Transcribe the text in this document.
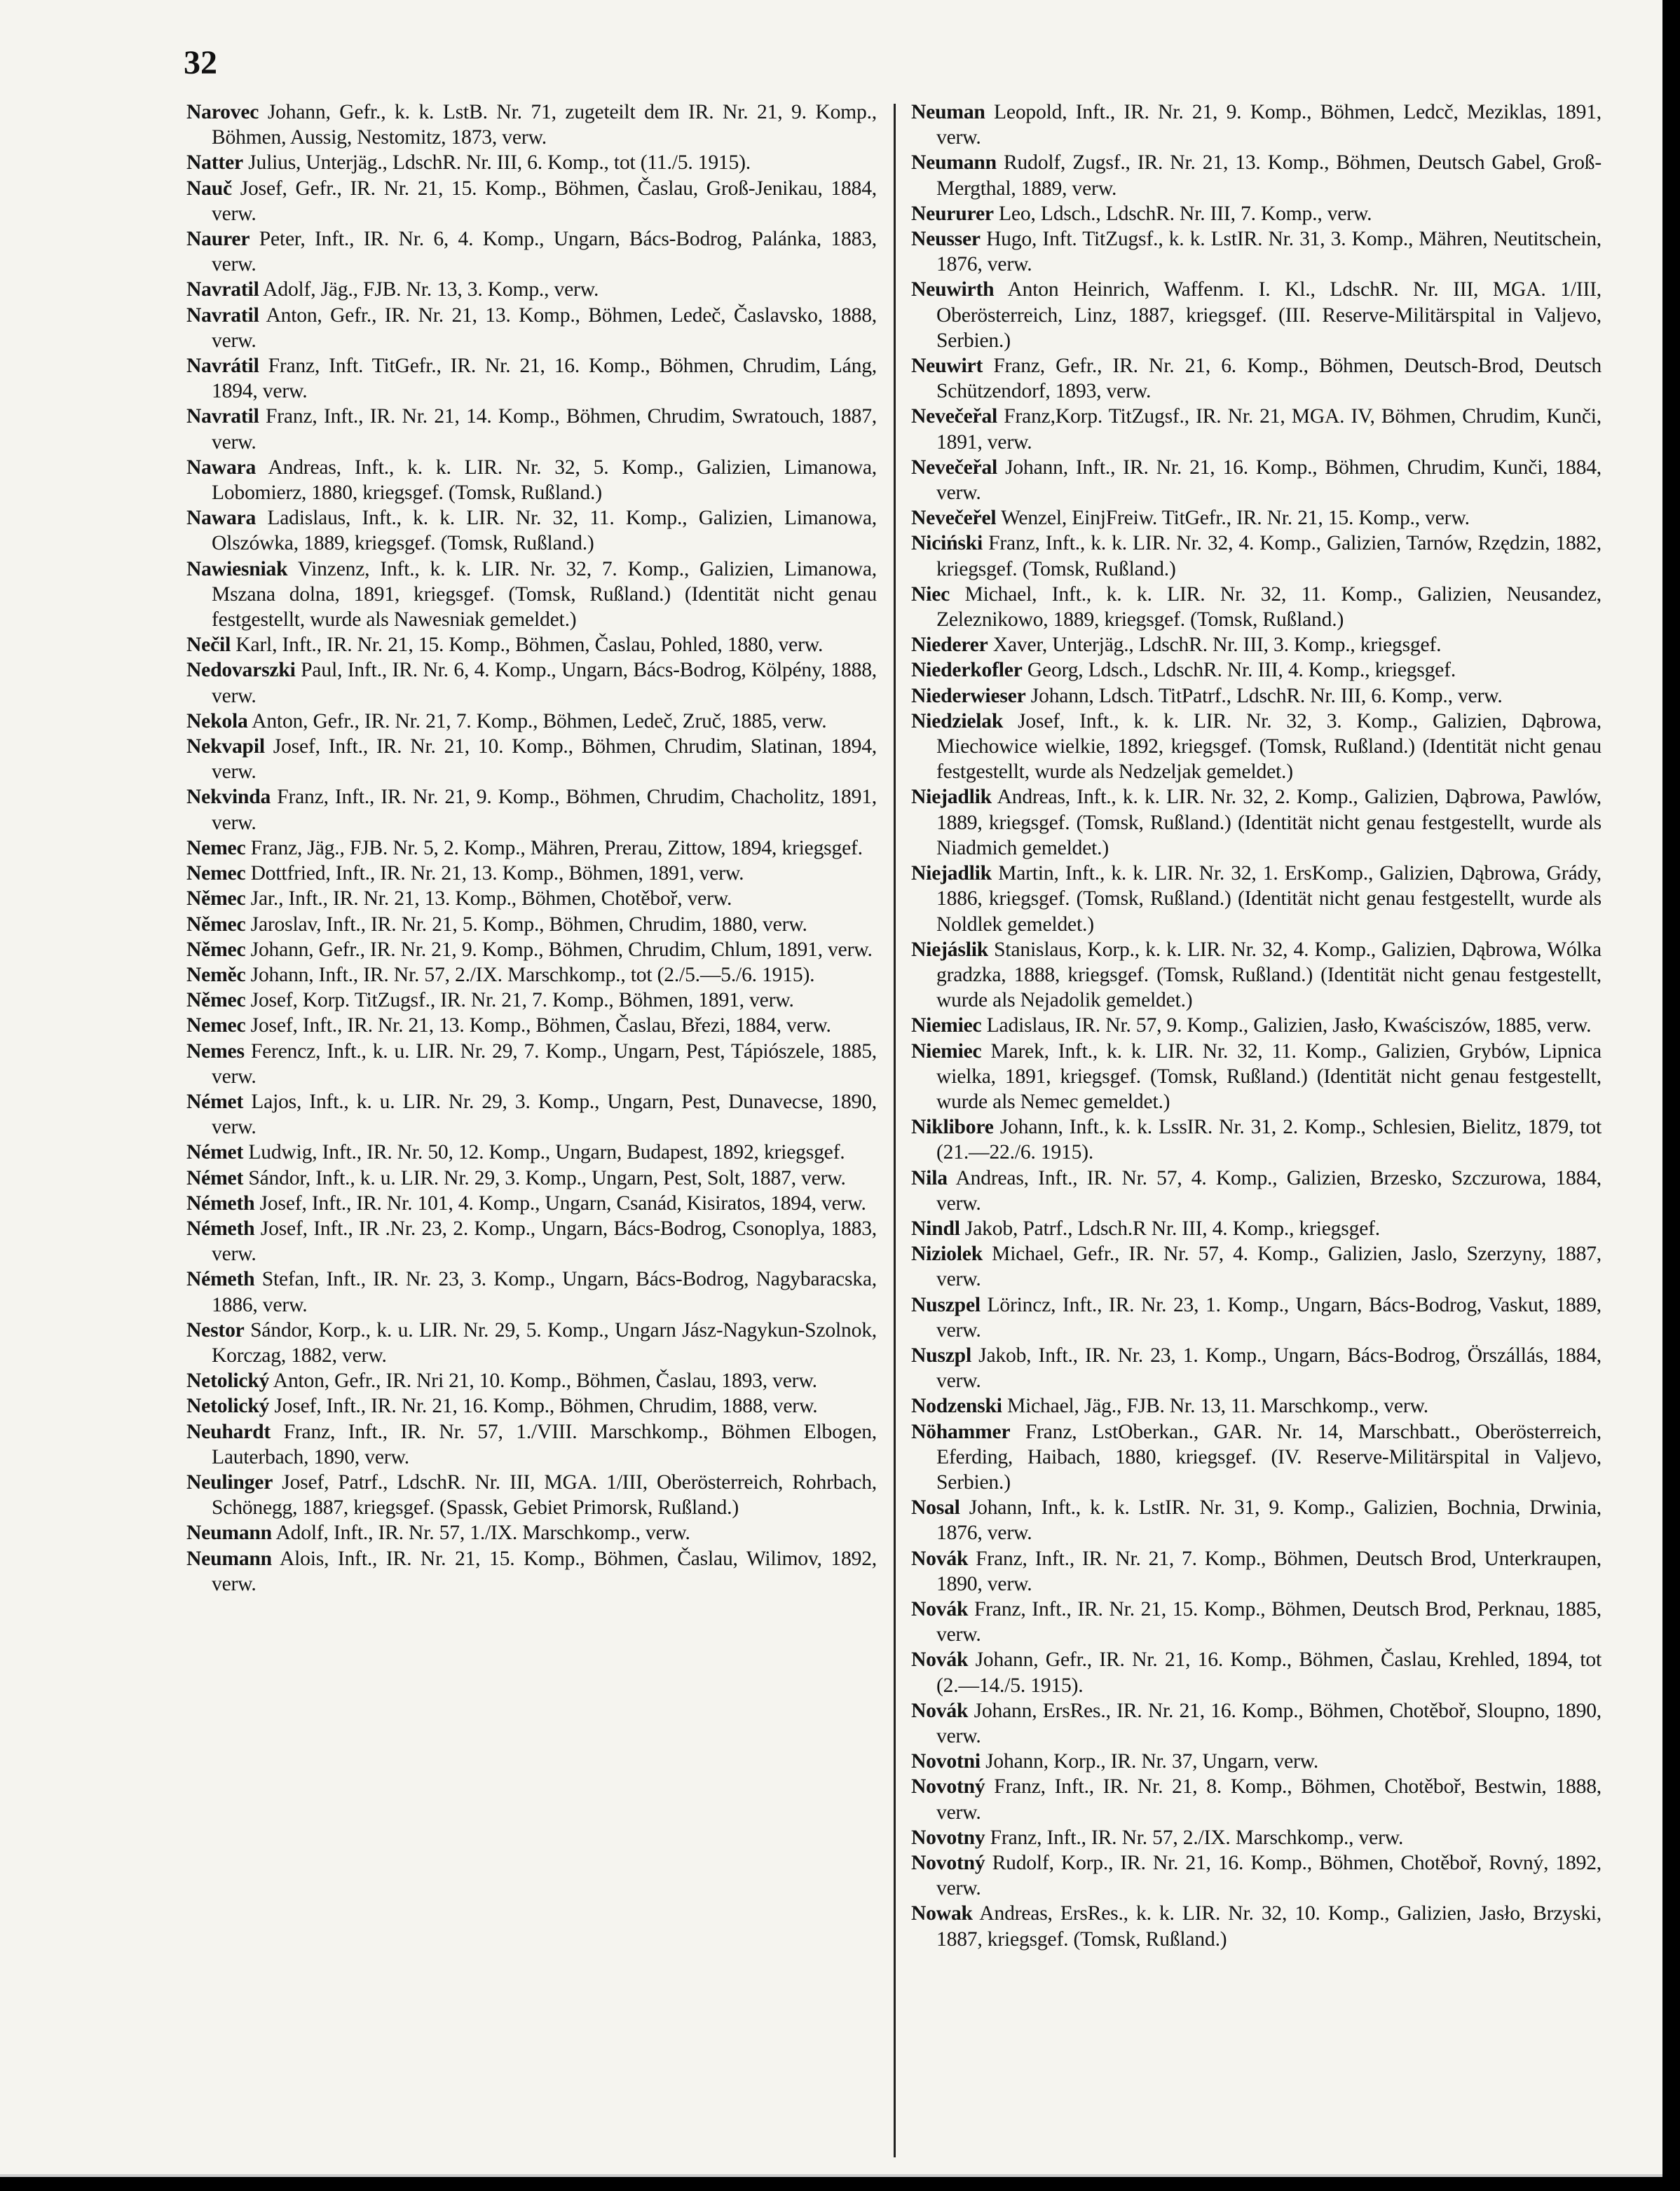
32
Narovec Johann, Gefr., k. k. LstB. Nr. 71, zugeteilt dem IR. Nr. 21, 9. Komp., Böhmen, Aussig, Nestomitz, 1873, verw.
Natter Julius, Unterjäg., LdschR. Nr. III, 6. Komp., tot (11./5. 1915).
Nauč Josef, Gefr., IR. Nr. 21, 15. Komp., Böhmen, Časlau, Groß-Jenikau, 1884, verw.
Naurer Peter, Inft., IR. Nr. 6, 4. Komp., Ungarn, Bács-Bodrog, Palánka, 1883, verw.
Navratil Adolf, Jäg., FJB. Nr. 13, 3. Komp., verw.
Navratil Anton, Gefr., IR. Nr. 21, 13. Komp., Böhmen, Ledeč, Časlavsko, 1888, verw.
Navrátil Franz, Inft. TitGefr., IR. Nr. 21, 16. Komp., Böhmen, Chrudim, Láng, 1894, verw.
Navratil Franz, Inft., IR. Nr. 21, 14. Komp., Böhmen, Chrudim, Swratouch, 1887, verw.
Nawara Andreas, Inft., k. k. LIR. Nr. 32, 5. Komp., Galizien, Limanowa, Lobomierz, 1880, kriegsgef. (Tomsk, Rußland.)
Nawara Ladislaus, Inft., k. k. LIR. Nr. 32, 11. Komp., Galizien, Limanowa, Olszówka, 1889, kriegsgef. (Tomsk, Rußland.)
Nawiesniak Vinzenz, Inft., k. k. LIR. Nr. 32, 7. Komp., Galizien, Limanowa, Mszana dolna, 1891, kriegsgef. (Tomsk, Rußland.) (Identität nicht genau festgestellt, wurde als Nawesniak gemeldet.)
Nečil Karl, Inft., IR. Nr. 21, 15. Komp., Böhmen, Časlau, Pohled, 1880, verw.
Nedovarszki Paul, Inft., IR. Nr. 6, 4. Komp., Ungarn, Bács-Bodrog, Kölpény, 1888, verw.
Nekola Anton, Gefr., IR. Nr. 21, 7. Komp., Böhmen, Ledeč, Zruč, 1885, verw.
Nekvapil Josef, Inft., IR. Nr. 21, 10. Komp., Böhmen, Chrudim, Slatinan, 1894, verw.
Nekvinda Franz, Inft., IR. Nr. 21, 9. Komp., Böhmen, Chrudim, Chacholitz, 1891, verw.
Nemec Franz, Jäg., FJB. Nr. 5, 2. Komp., Mähren, Prerau, Zittow, 1894, kriegsgef.
Nemec Dottfried, Inft., IR. Nr. 21, 13. Komp., Böhmen, 1891, verw.
Němec Jar., Inft., IR. Nr. 21, 13. Komp., Böhmen, Chotěboř, verw.
Němec Jaroslav, Inft., IR. Nr. 21, 5. Komp., Böhmen, Chrudim, 1880, verw.
Němec Johann, Gefr., IR. Nr. 21, 9. Komp., Böhmen, Chrudim, Chlum, 1891, verw.
Neměc Johann, Inft., IR. Nr. 57, 2./IX. Marschkomp., tot (2./5.—5./6. 1915).
Němec Josef, Korp. TitZugsf., IR. Nr. 21, 7. Komp., Böhmen, 1891, verw.
Nemec Josef, Inft., IR. Nr. 21, 13. Komp., Böhmen, Časlau, Březi, 1884, verw.
Nemes Ferencz, Inft., k. u. LIR. Nr. 29, 7. Komp., Ungarn, Pest, Tápiószele, 1885, verw.
Német Lajos, Inft., k. u. LIR. Nr. 29, 3. Komp., Ungarn, Pest, Dunavecse, 1890, verw.
Német Ludwig, Inft., IR. Nr. 50, 12. Komp., Ungarn, Budapest, 1892, kriegsgef.
Német Sándor, Inft., k. u. LIR. Nr. 29, 3. Komp., Ungarn, Pest, Solt, 1887, verw.
Németh Josef, Inft., IR. Nr. 101, 4. Komp., Ungarn, Csanád, Kisiratos, 1894, verw.
Németh Josef, Inft., IR .Nr. 23, 2. Komp., Ungarn, Bács-Bodrog, Csonoplya, 1883, verw.
Németh Stefan, Inft., IR. Nr. 23, 3. Komp., Ungarn, Bács-Bodrog, Nagybaracska, 1886, verw.
Nestor Sándor, Korp., k. u. LIR. Nr. 29, 5. Komp., Ungarn Jász-Nagykun-Szolnok, Korczag, 1882, verw.
Netolický Anton, Gefr., IR. Nri 21, 10. Komp., Böhmen, Časlau, 1893, verw.
Netolický Josef, Inft., IR. Nr. 21, 16. Komp., Böhmen, Chrudim, 1888, verw.
Neuhardt Franz, Inft., IR. Nr. 57, 1./VIII. Marschkomp., Böhmen Elbogen, Lauterbach, 1890, verw.
Neulinger Josef, Patrf., LdschR. Nr. III, MGA. 1/III, Oberösterreich, Rohrbach, Schönegg, 1887, kriegsgef. (Spassk, Gebiet Primorsk, Rußland.)
Neumann Adolf, Inft., IR. Nr. 57, 1./IX. Marschkomp., verw.
Neumann Alois, Inft., IR. Nr. 21, 15. Komp., Böhmen, Časlau, Wilimov, 1892, verw.
Neuman Leopold, Inft., IR. Nr. 21, 9. Komp., Böhmen, Ledcč, Meziklas, 1891, verw.
Neumann Rudolf, Zugsf., IR. Nr. 21, 13. Komp., Böhmen, Deutsch Gabel, Groß-Mergthal, 1889, verw.
Neururer Leo, Ldsch., LdschR. Nr. III, 7. Komp., verw.
Neusser Hugo, Inft. TitZugsf., k. k. LstIR. Nr. 31, 3. Komp., Mähren, Neutitschein, 1876, verw.
Neuwirth Anton Heinrich, Waffenm. I. Kl., LdschR. Nr. III, MGA. 1/III, Oberösterreich, Linz, 1887, kriegsgef. (III. Reserve-Militärspital in Valjevo, Serbien.)
Neuwirt Franz, Gefr., IR. Nr. 21, 6. Komp., Böhmen, Deutsch-Brod, Deutsch Schützendorf, 1893, verw.
Nevečeřal Franz,Korp. TitZugsf., IR. Nr. 21, MGA. IV, Böhmen, Chrudim, Kunči, 1891, verw.
Nevečeřal Johann, Inft., IR. Nr. 21, 16. Komp., Böhmen, Chrudim, Kunči, 1884, verw.
Nevečeřel Wenzel, EinjFreiw. TitGefr., IR. Nr. 21, 15. Komp., verw.
Niciński Franz, Inft., k. k. LIR. Nr. 32, 4. Komp., Galizien, Tarnów, Rzędzin, 1882, kriegsgef. (Tomsk, Rußland.)
Niec Michael, Inft., k. k. LIR. Nr. 32, 11. Komp., Galizien, Neusandez, Zeleznikowo, 1889, kriegsgef. (Tomsk, Rußland.)
Niederer Xaver, Unterjäg., LdschR. Nr. III, 3. Komp., kriegsgef.
Niederkofler Georg, Ldsch., LdschR. Nr. III, 4. Komp., kriegsgef.
Niederwieser Johann, Ldsch. TitPatrf., LdschR. Nr. III, 6. Komp., verw.
Niedzielak Josef, Inft., k. k. LIR. Nr. 32, 3. Komp., Galizien, Dąbrowa, Miechowice wielkie, 1892, kriegsgef. (Tomsk, Rußland.) (Identität nicht genau festgestellt, wurde als Nedzeljak gemeldet.)
Niejadlik Andreas, Inft., k. k. LIR. Nr. 32, 2. Komp., Galizien, Dąbrowa, Pawlów, 1889, kriegsgef. (Tomsk, Rußland.) (Identität nicht genau festgestellt, wurde als Niadmich gemeldet.)
Niejadlik Martin, Inft., k. k. LIR. Nr. 32, 1. ErsKomp., Galizien, Dąbrowa, Grády, 1886, kriegsgef. (Tomsk, Rußland.) (Identität nicht genau festgestellt, wurde als Noldlek gemeldet.)
Niejáslik Stanislaus, Korp., k. k. LIR. Nr. 32, 4. Komp., Galizien, Dąbrowa, Wólka gradzka, 1888, kriegsgef. (Tomsk, Rußland.) (Identität nicht genau festgestellt, wurde als Nejadolik gemeldet.)
Niemiec Ladislaus, IR. Nr. 57, 9. Komp., Galizien, Jasło, Kwaściszów, 1885, verw.
Niemiec Marek, Inft., k. k. LIR. Nr. 32, 11. Komp., Galizien, Grybów, Lipnica wielka, 1891, kriegsgef. (Tomsk, Rußland.) (Identität nicht genau festgestellt, wurde als Nemec gemeldet.)
Niklibore Johann, Inft., k. k. LssIR. Nr. 31, 2. Komp., Schlesien, Bielitz, 1879, tot (21.—22./6. 1915).
Nila Andreas, Inft., IR. Nr. 57, 4. Komp., Galizien, Brzesko, Szczurowa, 1884, verw.
Nindl Jakob, Patrf., Ldsch.R Nr. III, 4. Komp., kriegsgef.
Niziolek Michael, Gefr., IR. Nr. 57, 4. Komp., Galizien, Jaslo, Szerzyny, 1887, verw.
Nuszpel Lörincz, Inft., IR. Nr. 23, 1. Komp., Ungarn, Bács-Bodrog, Vaskut, 1889, verw.
Nuszpl Jakob, Inft., IR. Nr. 23, 1. Komp., Ungarn, Bács-Bodrog, Örszállás, 1884, verw.
Nodzenski Michael, Jäg., FJB. Nr. 13, 11. Marschkomp., verw.
Nöhammer Franz, LstOberkan., GAR. Nr. 14, Marschbatt., Oberösterreich, Eferding, Haibach, 1880, kriegsgef. (IV. Reserve-Militärspital in Valjevo, Serbien.)
Nosal Johann, Inft., k. k. LstIR. Nr. 31, 9. Komp., Galizien, Bochnia, Drwinia, 1876, verw.
Novák Franz, Inft., IR. Nr. 21, 7. Komp., Böhmen, Deutsch Brod, Unterkraupen, 1890, verw.
Novák Franz, Inft., IR. Nr. 21, 15. Komp., Böhmen, Deutsch Brod, Perknau, 1885, verw.
Novák Johann, Gefr., IR. Nr. 21, 16. Komp., Böhmen, Časlau, Krehled, 1894, tot (2.—14./5. 1915).
Novák Johann, ErsRes., IR. Nr. 21, 16. Komp., Böhmen, Chotěboř, Sloupno, 1890, verw.
Novotni Johann, Korp., IR. Nr. 37, Ungarn, verw.
Novotný Franz, Inft., IR. Nr. 21, 8. Komp., Böhmen, Chotěboř, Bestwin, 1888, verw.
Novotny Franz, Inft., IR. Nr. 57, 2./IX. Marschkomp., verw.
Novotný Rudolf, Korp., IR. Nr. 21, 16. Komp., Böhmen, Chotěboř, Rovný, 1892, verw.
Nowak Andreas, ErsRes., k. k. LIR. Nr. 32, 10. Komp., Galizien, Jasło, Brzyski, 1887, kriegsgef. (Tomsk, Rußland.)
